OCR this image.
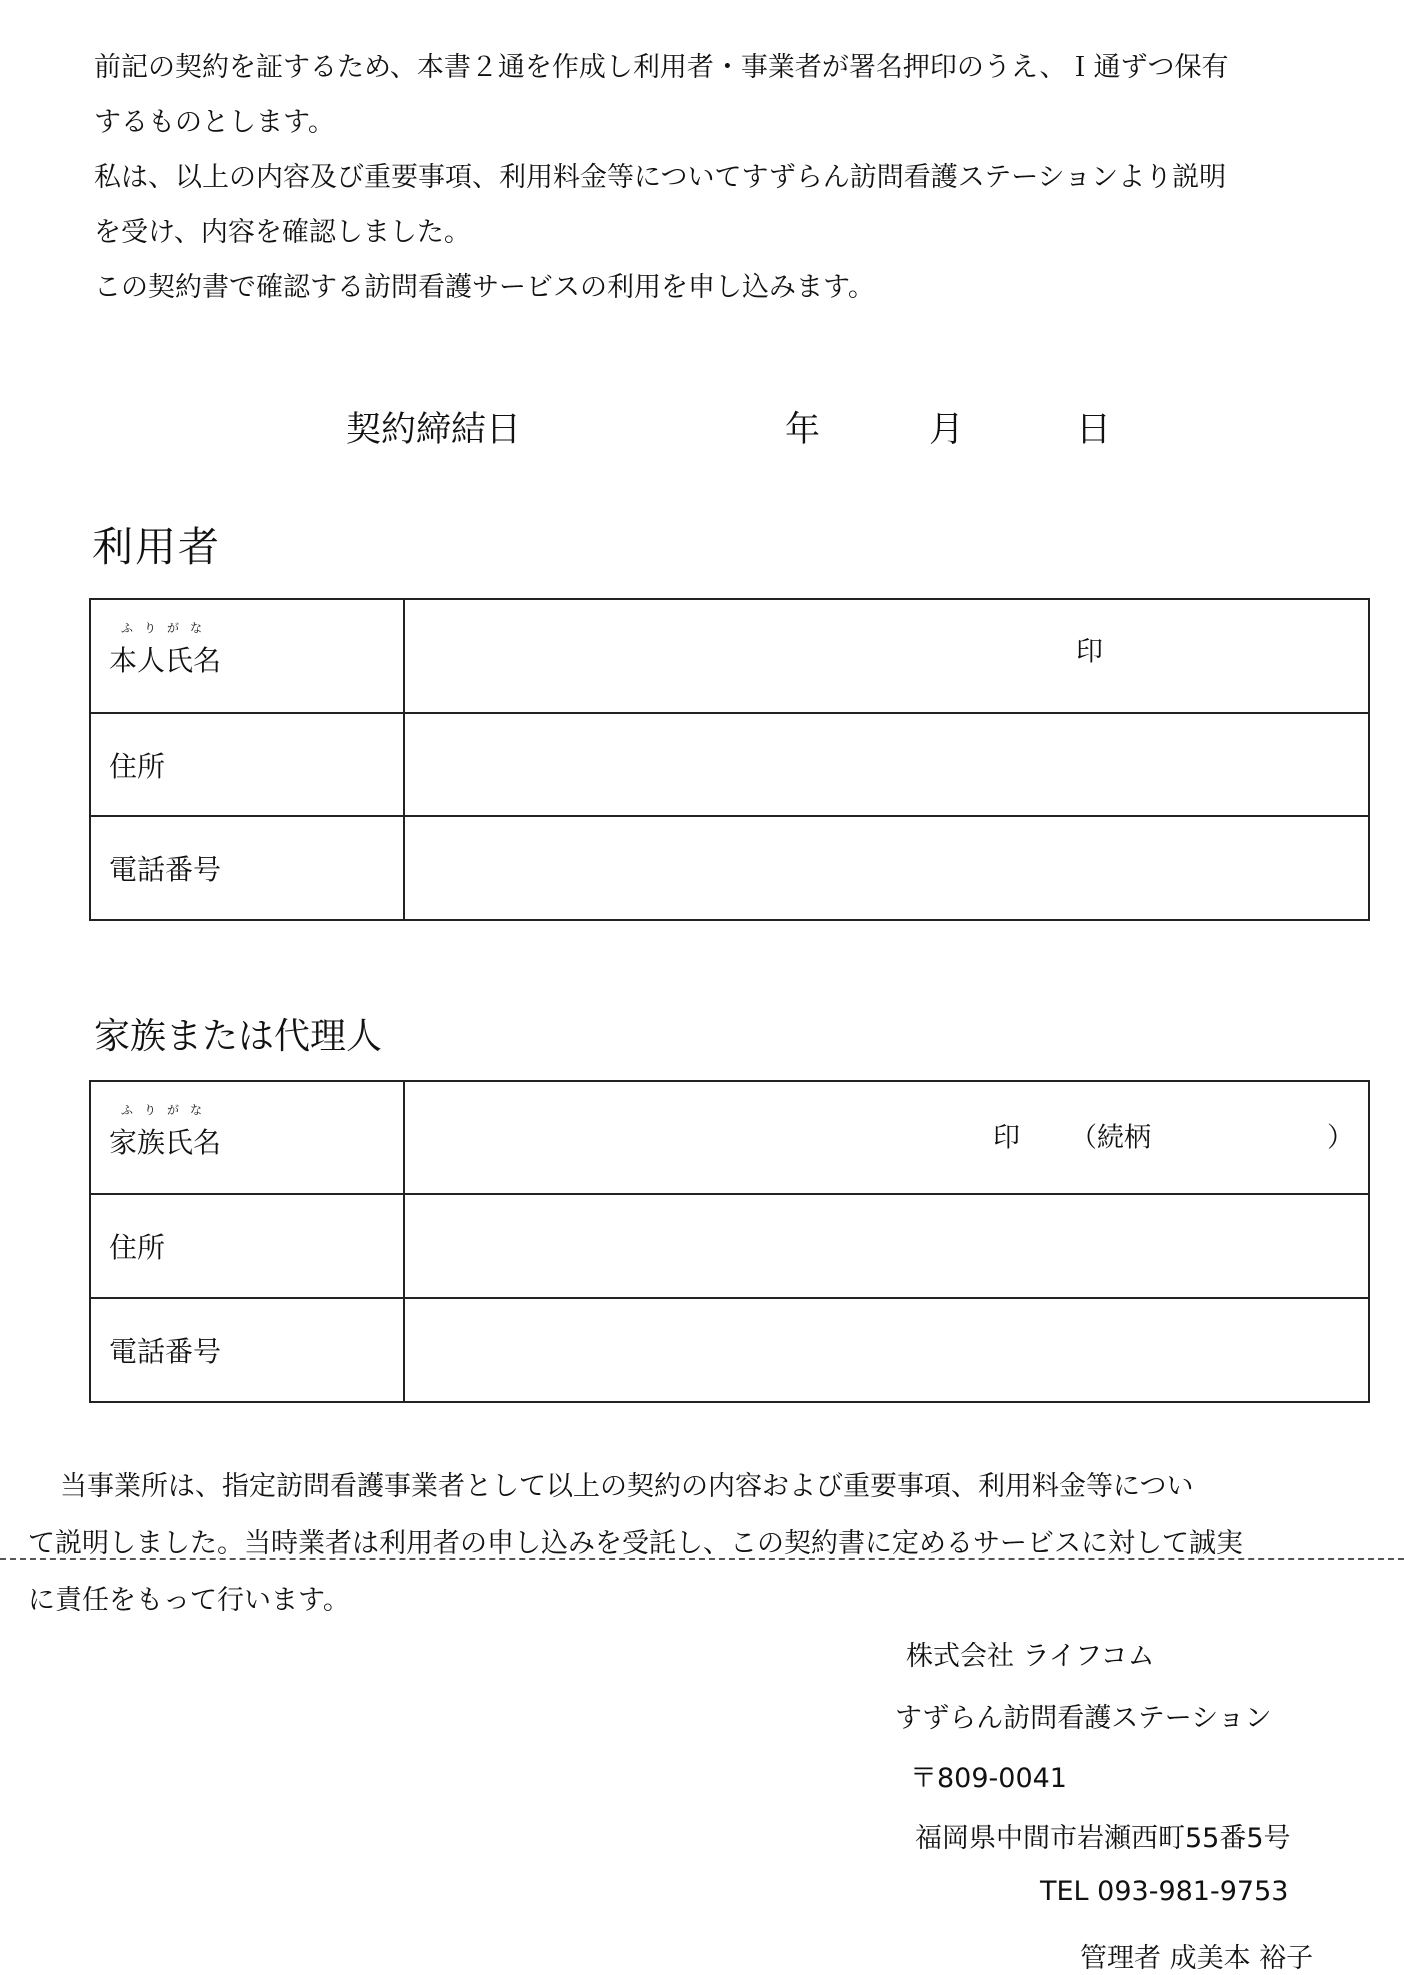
前記の契約を証するため、本書２通を作成し利用者・事業者が署名押印のうえ、Ｉ通ずつ保有

するものとします。

私は、以上の内容及び重要事項、利用料金等についてすずらん訪問看護ステーションより説明

を受け、内容を確認しました。

この契約書で確認する訪問看護サービスの利用を申し込みます。

契約締結日	年	月	日
利用者
ふりがな
本人氏名	印

住所	
電話番号	
家族または代理人
ふりがな
家族氏名	印 （続柄 ）

住所	
電話番号	

当事業所は、指定訪問看護事業者として以上の契約の内容および重要事項、利用料金等につい

て説明しました。当時業者は利用者の申し込みを受託し、この契約書に定めるサービスに対して誠実

に責任をもって行います。

株式会社 ライフコム
すずらん訪問看護ステーション
〒809-0041
福岡県中間市岩瀬西町55番5号
TEL 093-981-9753
管理者 成美本 裕子
